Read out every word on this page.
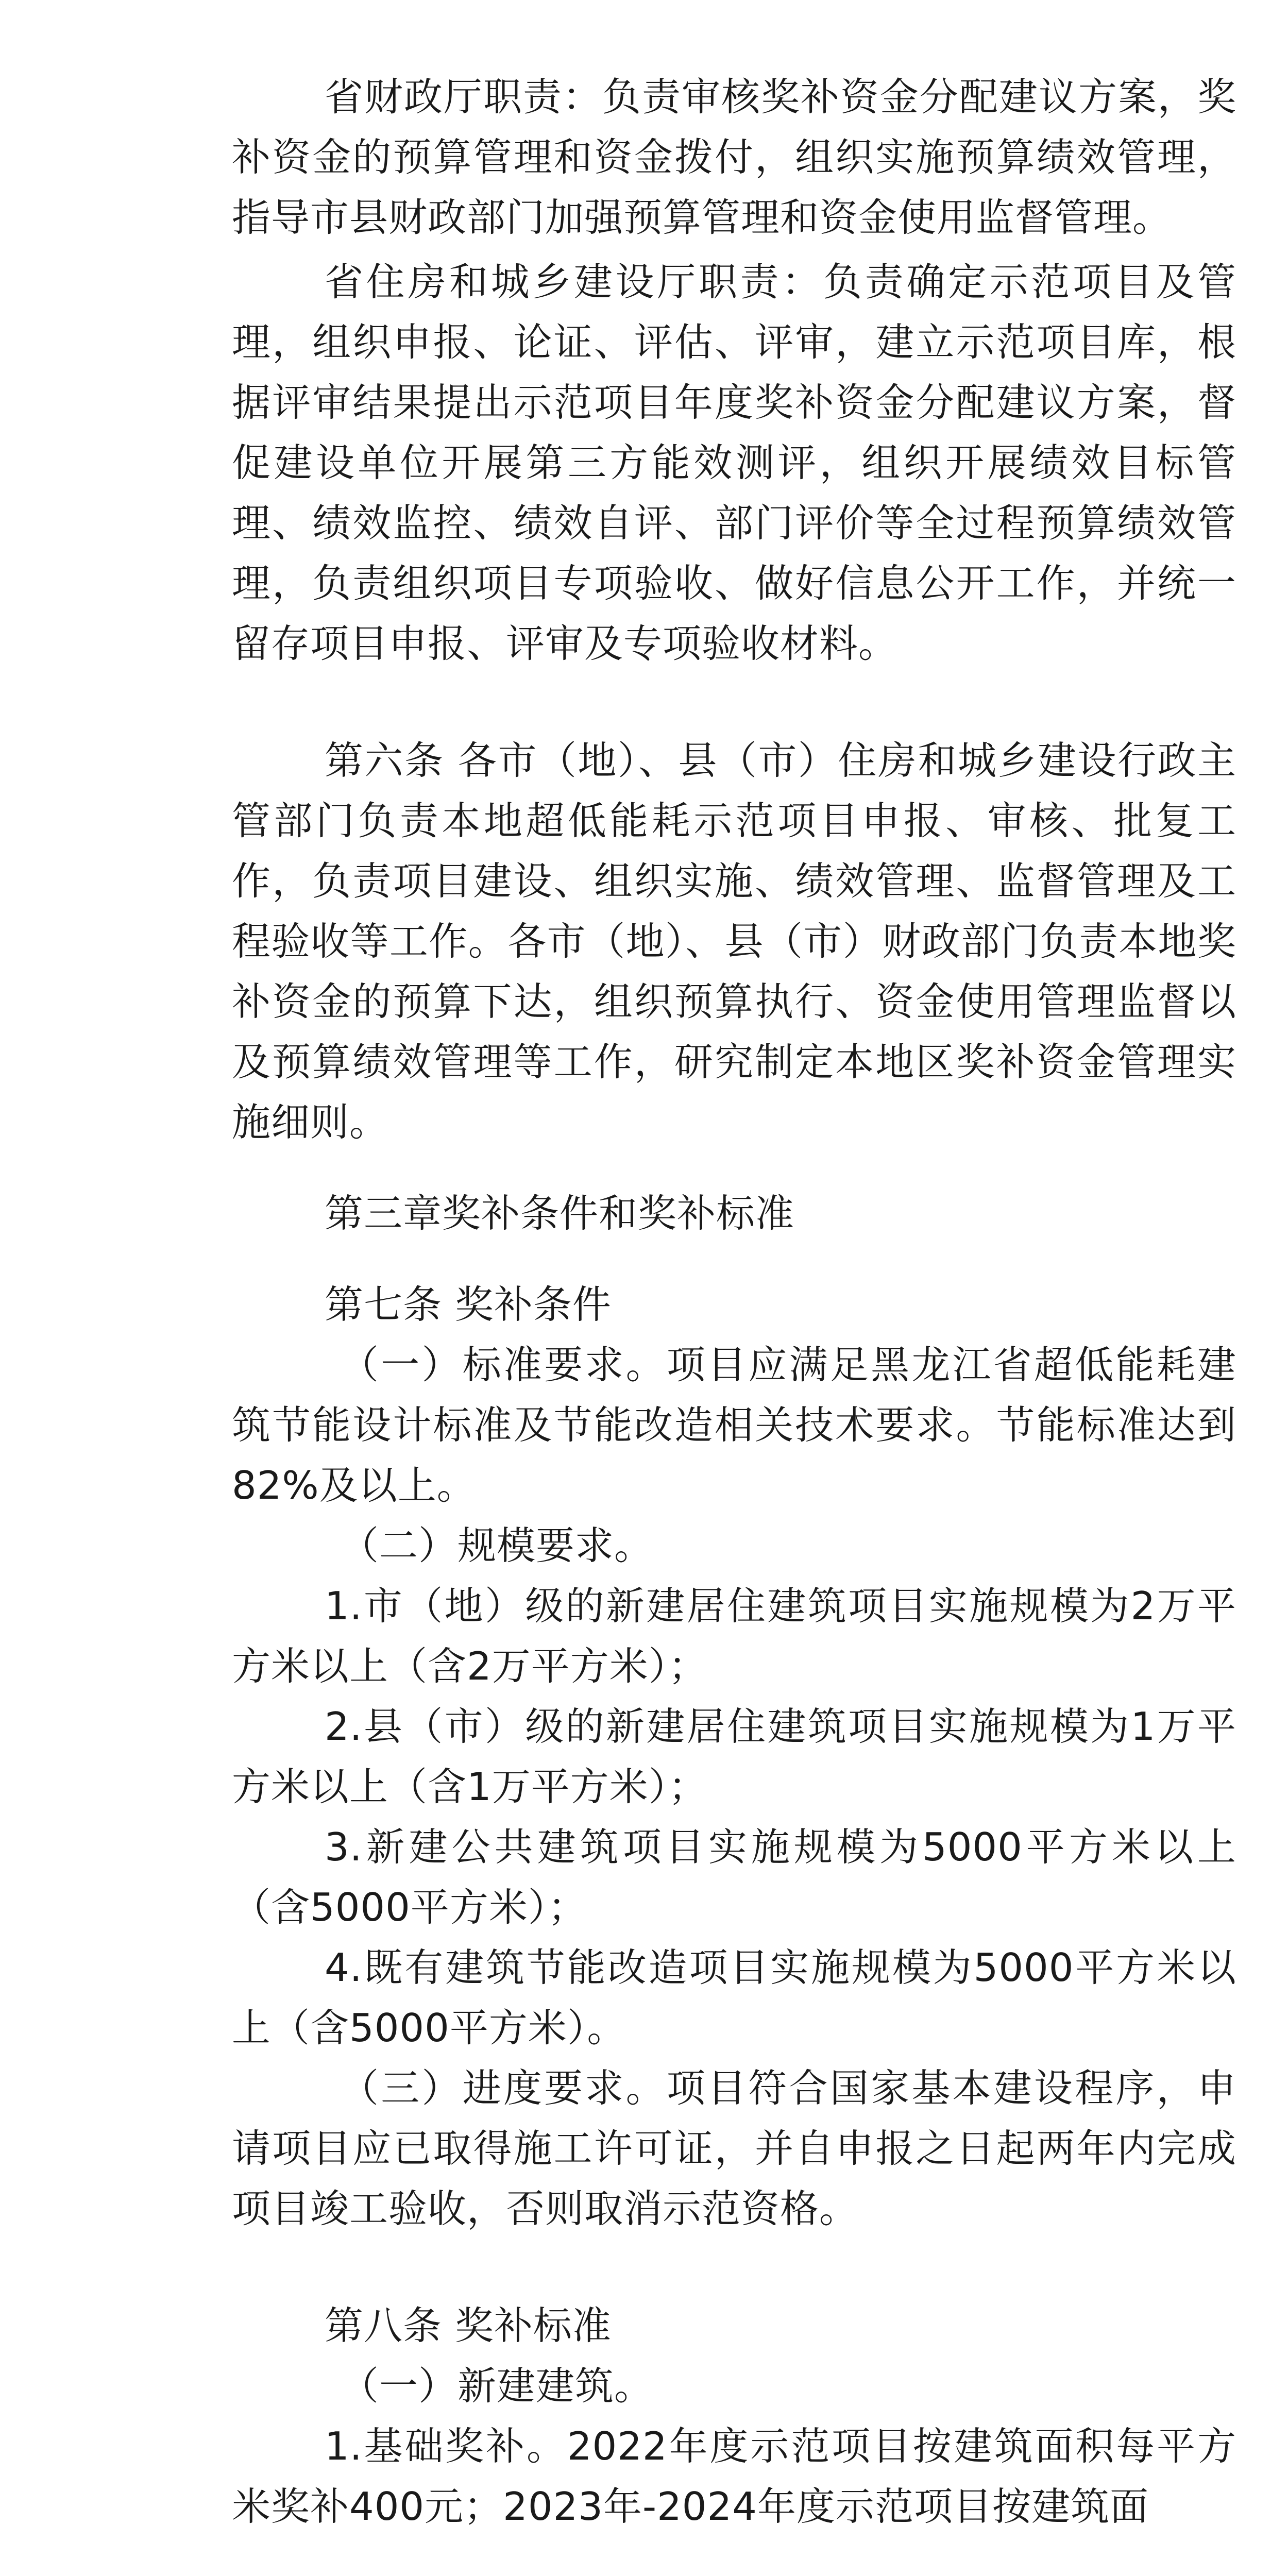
省财政厅职责：负责审核奖补资金分配建议方案，奖补资金的预算管理和资金拨付，组织实施预算绩效管理，指导市县财政部门加强预算管理和资金使用监督管理。

省住房和城乡建设厅职责：负责确定示范项目及管理，组织申报、论证、评估、评审，建立示范项目库，根据评审结果提出示范项目年度奖补资金分配建议方案，督促建设单位开展第三方能效测评，组织开展绩效目标管理、绩效监控、绩效自评、部门评价等全过程预算绩效管理，负责组织项目专项验收、做好信息公开工作，并统一留存项目申报、评审及专项验收材料。

第六条 各市（地）、县（市）住房和城乡建设行政主管部门负责本地超低能耗示范项目申报、审核、批复工作，负责项目建设、组织实施、绩效管理、监督管理及工程验收等工作。各市（地）、县（市）财政部门负责本地奖补资金的预算下达，组织预算执行、资金使用管理监督以及预算绩效管理等工作，研究制定本地区奖补资金管理实施细则。

第三章奖补条件和奖补标准

第七条 奖补条件

（一）标准要求。项目应满足黑龙江省超低能耗建筑节能设计标准及节能改造相关技术要求。节能标准达到82%及以上。

（二）规模要求。

1.市（地）级的新建居住建筑项目实施规模为2万平方米以上（含2万平方米）；

2.县（市）级的新建居住建筑项目实施规模为1万平方米以上（含1万平方米）；

3.新建公共建筑项目实施规模为5000平方米以上（含5000平方米）；

4.既有建筑节能改造项目实施规模为5000平方米以上（含5000平方米）。

（三）进度要求。项目符合国家基本建设程序，申请项目应已取得施工许可证，并自申报之日起两年内完成项目竣工验收，否则取消示范资格。

第八条 奖补标准

（一）新建建筑。

1.基础奖补。2022年度示范项目按建筑面积每平方米奖补400元；2023年-2024年度示范项目按建筑面
